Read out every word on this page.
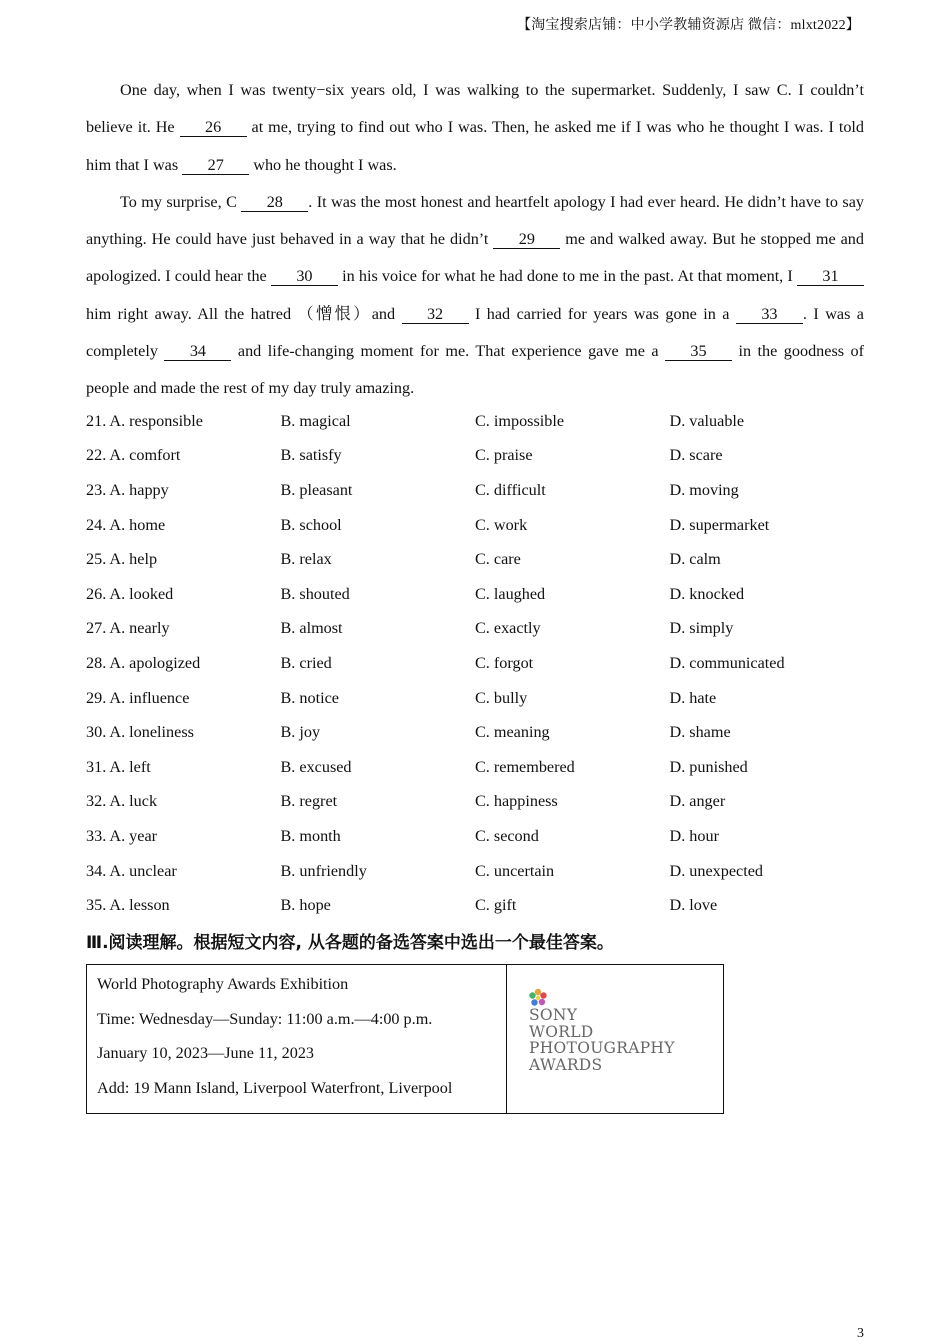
【淘宝搜索店铺：中小学教辅资源店 微信：mlxt2022】

One day, when I was twenty−six years old, I was walking to the supermarket. Suddenly, I saw C. I couldn’t believe it. He 26 at me, trying to find out who I was. Then, he asked me if I was who he thought I was. I told him that I was 27 who he thought I was.

To my surprise, C 28 . It was the most honest and heartfelt apology I had ever heard. He didn’t have to say anything. He could have just behaved in a way that he didn’t 29 me and walked away. But he stopped me and apologized. I could hear the 30 in his voice for what he had done to me in the past. At that moment, I 31 him right away. All the hatred （憎恨）and 32 I had carried for years was gone in a 33 . I was a completely 34 and life-changing moment for me. That experience gave me a 35 in the goodness of people and made the rest of my day truly amazing.

21. A. responsible	B. magical	C. impossible	D. valuable
22. A. comfort	B. satisfy	C. praise	D. scare
23. A. happy	B. pleasant	C. difficult	D. moving
24. A. home	B. school	C. work	D. supermarket
25. A. help	B. relax	C. care	D. calm
26. A. looked	B. shouted	C. laughed	D. knocked
27. A. nearly	B. almost	C. exactly	D. simply
28. A. apologized	B. cried	C. forgot	D. communicated
29. A. influence	B. notice	C. bully	D. hate
30. A. loneliness	B. joy	C. meaning	D. shame
31. A. left	B. excused	C. remembered	D. punished
32. A. luck	B. regret	C. happiness	D. anger
33. A. year	B. month	C. second	D. hour
34. A. unclear	B. unfriendly	C. uncertain	D. unexpected
35. A. lesson	B. hope	C. gift	D. love
Ⅲ.阅读理解。根据短文内容, 从各题的备选答案中选出一个最佳答案。
World Photography Awards Exhibition
Time: Wednesday—Sunday: 11:00 a.m.—4:00 p.m.
January 10, 2023—June 11, 2023
Add: 19 Mann Island, Liverpool Waterfront, Liverpool
SONY
WORLD
PHOTOUGRAPHY
AWARDS
3
